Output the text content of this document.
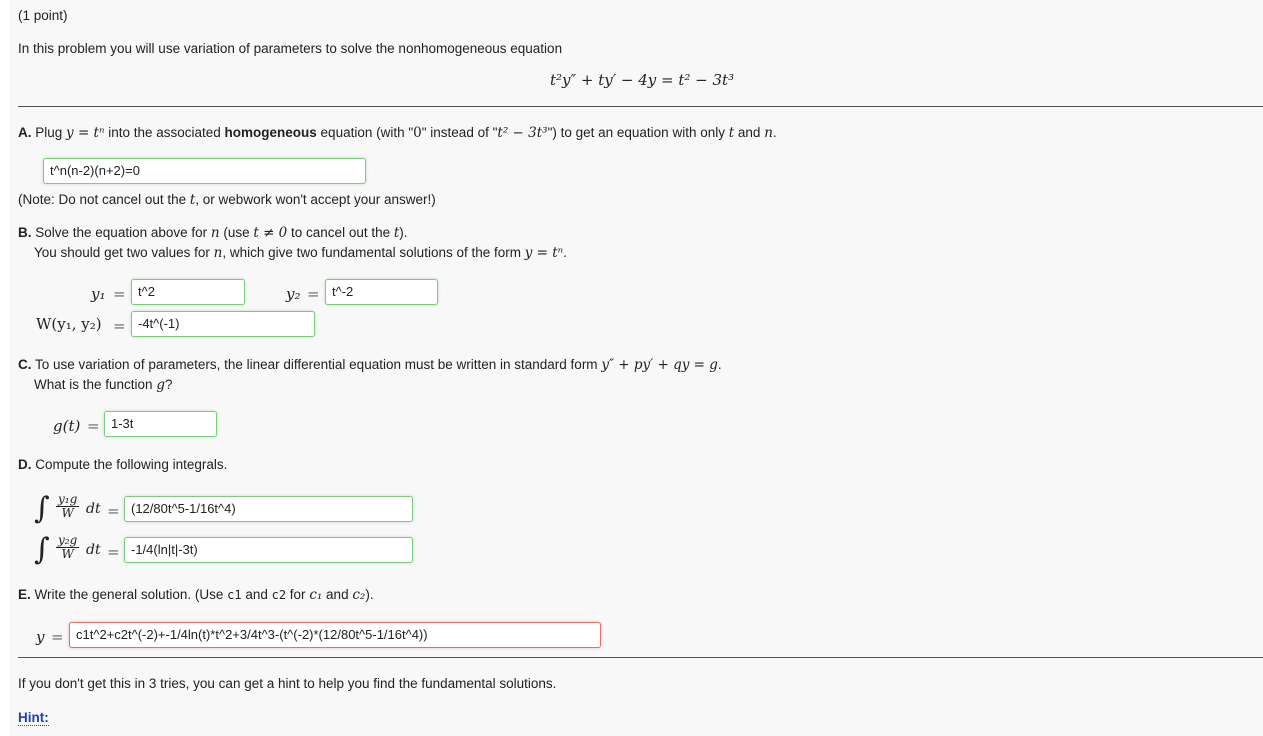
(1 point)
In this problem you will use variation of parameters to solve the nonhomogeneous equation
t²y″ + ty′ − 4y = t² − 3t³
A. Plug y = tⁿ into the associated homogeneous equation (with "0" instead of "t² − 3t³") to get an equation with only t and n.
t^n(n-2)(n+2)=0
(Note: Do not cancel out the t, or webwork won't accept your answer!)
B. Solve the equation above for n (use t ≠ 0 to cancel out the t).
You should get two values for n, which give two fundamental solutions of the form y = tⁿ.
y₁ = t^2	y₂ = t^-2
W(y₁, y₂) = -4t^(-1)
C. To use variation of parameters, the linear differential equation must be written in standard form y″ + py′ + qy = g.
What is the function g?
g(t) = 1-3t
D. Compute the following integrals.
∫ $\frac{\text{y₁g}}{W}$ dt = (12/80t^5-1/16t^4)
∫ $\frac{\text{y₂g}}{W}$ dt = -1/4(ln|t|-3t)
E. Write the general solution. (Use c1 and c2 for c₁ and c₂).
y = c1t^2+c2t^(-2)+-1/4ln(t)*t^2+3/4t^3-(t^(-2)*(12/80t^5-1/16t^4))
If you don't get this in 3 tries, you can get a hint to help you find the fundamental solutions.
Hint:
